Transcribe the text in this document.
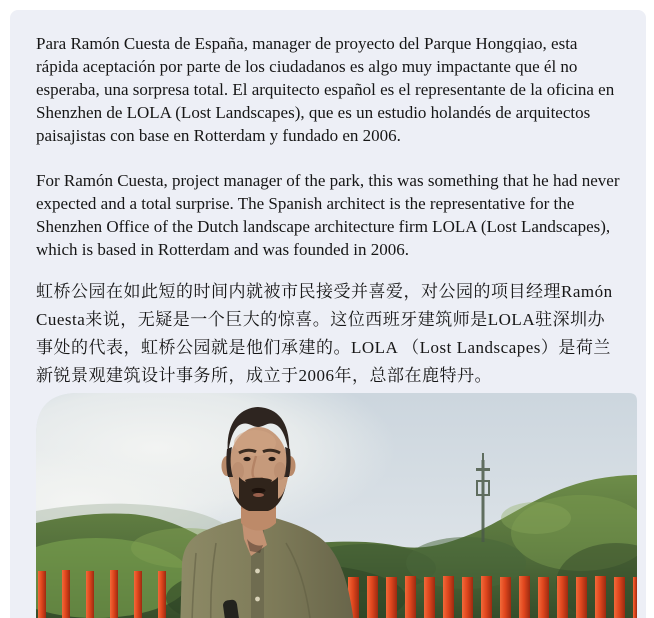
Para Ramón Cuesta de España, manager de proyecto del Parque Hongqiao, esta rápida aceptación por parte de los ciudadanos es algo muy impactante que él no esperaba, una sorpresa total. El arquitecto español es el representante de la oficina en Shenzhen de LOLA (Lost Landscapes), que es un estudio holandés de arquitectos paisajistas con base en Rotterdam y fundado en 2006.

For Ramón Cuesta, project manager of the park, this was something that he had never expected and a total surprise. The Spanish architect is the representative for the Shenzhen Office of the Dutch landscape architecture firm LOLA (Lost Landscapes), which is based in Rotterdam and was founded in 2006.

虹桥公园在如此短的时间内就被市民接受并喜爱，对公园的项目经理Ramón Cuesta来说，无疑是一个巨大的惊喜。这位西班牙建筑师是LOLA驻深圳办事处的代表，虹桥公园就是他们承建的。LOLA （Lost Landscapes）是荷兰新锐景观建筑设计事务所，成立于2006年，总部在鹿特丹。
